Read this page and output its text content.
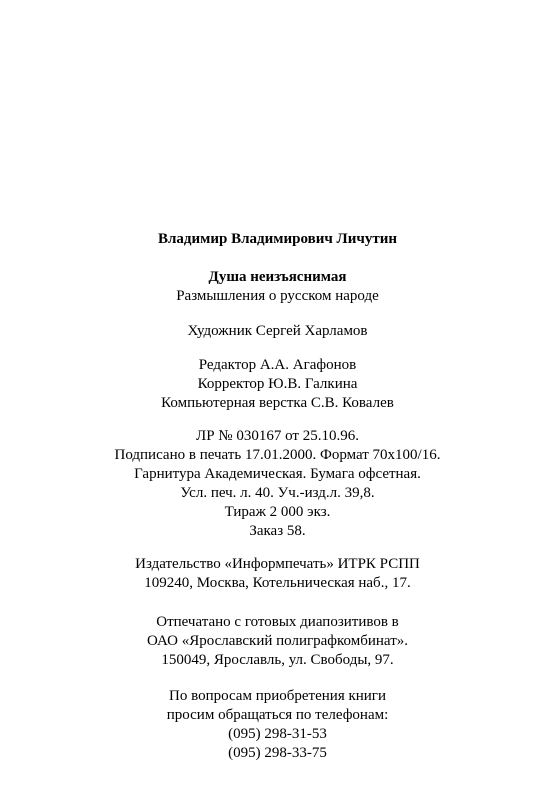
Владимир Владимирович Личутин
Душа неизъяснимая
Размышления о русском народе
Художник Сергей Харламов
Редактор А.А. Агафонов
Корректор Ю.В. Галкина
Компьютерная верстка С.В. Ковалев
ЛР № 030167 от 25.10.96.
Подписано в печать 17.01.2000. Формат 70х100/16.
Гарнитура Академическая. Бумага офсетная.
Усл. печ. л. 40. Уч.-изд.л. 39,8.
Тираж 2 000 экз.
Заказ 58.
Издательство «Информпечать» ИТРК РСПП
109240, Москва, Котельническая наб., 17.
Отпечатано с готовых диапозитивов в
ОАО «Ярославский полиграфкомбинат».
150049, Ярославль, ул. Свободы, 97.
По вопросам приобретения книги
просим обращаться по телефонам:
(095) 298-31-53
(095) 298-33-75
